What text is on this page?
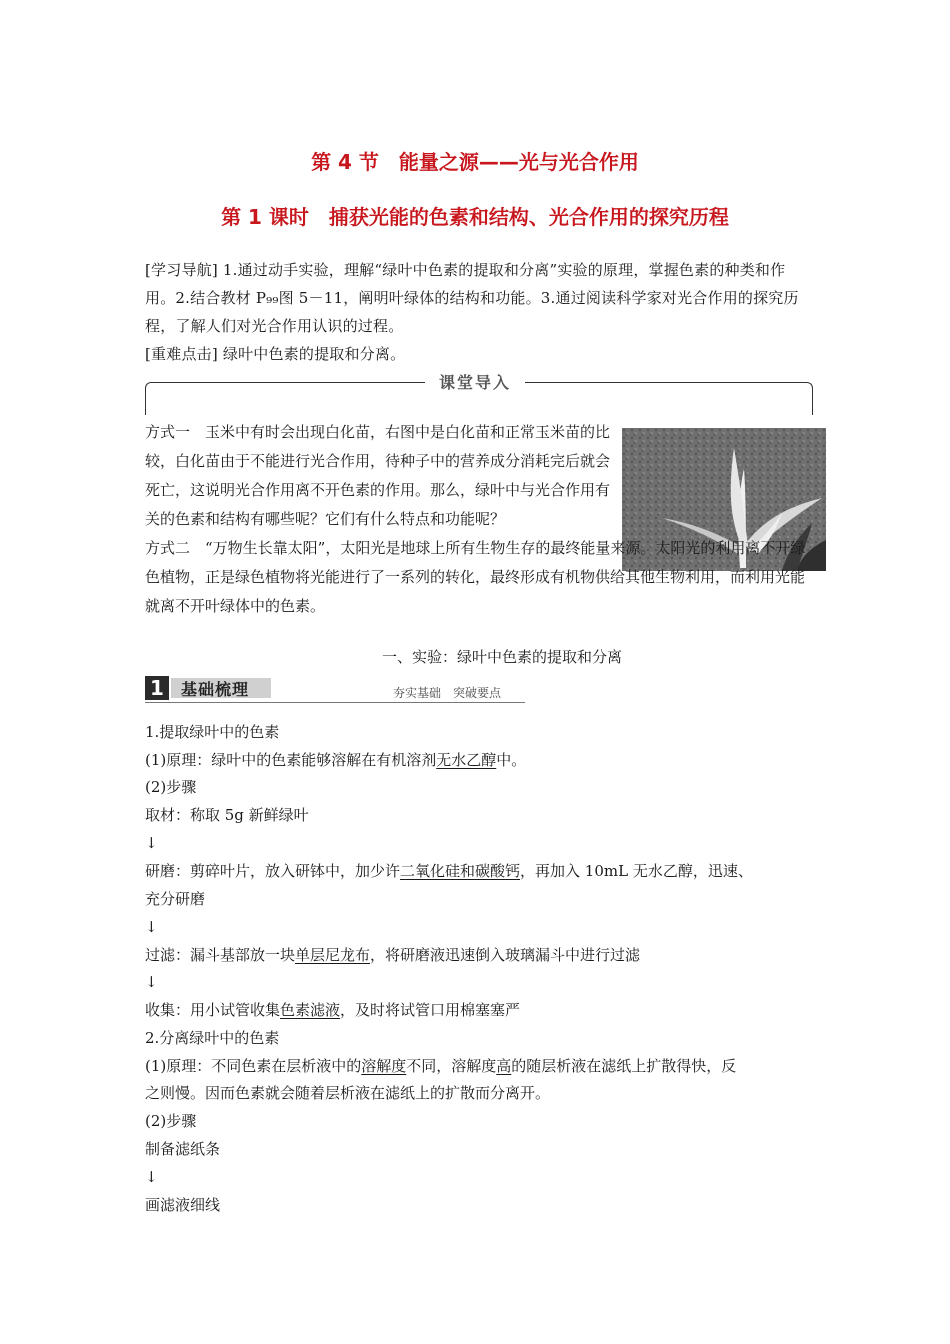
第 4 节　能量之源——光与光合作用
第 1 课时　捕获光能的色素和结构、光合作用的探究历程

[学习导航] 1.通过动手实验，理解“绿叶中色素的提取和分离”实验的原理，掌握色素的种类和作用。2.结合教材 P₉₉图 5－11，阐明叶绿体的结构和功能。3.通过阅读科学家对光合作用的探究历程，了解人们对光合作用认识的过程。

[重难点击] 绿叶中色素的提取和分离。

课堂导入

方式一　玉米中有时会出现白化苗，右图中是白化苗和正常玉米苗的比较，白化苗由于不能进行光合作用，待种子中的营养成分消耗完后就会死亡，这说明光合作用离不开色素的作用。那么，绿叶中与光合作用有关的色素和结构有哪些呢？它们有什么特点和功能呢？

方式二　“万物生长靠太阳”，太阳光是地球上所有生物生存的最终能量来源。太阳光的利用离不开绿色植物，正是绿色植物将光能进行了一系列的转化，最终形成有机物供给其他生物利用，而利用光能就离不开叶绿体中的色素。

一、实验：绿叶中色素的提取和分离

1	基础梳理	夯实基础　突破要点

1.提取绿叶中的色素

(1)原理：绿叶中的色素能够溶解在有机溶剂无水乙醇中。

(2)步骤

取材：称取 5g 新鲜绿叶

↓

研磨：剪碎叶片，放入研钵中，加少许二氧化硅和碳酸钙，再加入 10mL 无水乙醇，迅速、

充分研磨

↓

过滤：漏斗基部放一块单层尼龙布，将研磨液迅速倒入玻璃漏斗中进行过滤

↓

收集：用小试管收集色素滤液，及时将试管口用棉塞塞严

2.分离绿叶中的色素

(1)原理：不同色素在层析液中的溶解度不同，溶解度高的随层析液在滤纸上扩散得快，反

之则慢。因而色素就会随着层析液在滤纸上的扩散而分离开。

(2)步骤

制备滤纸条

↓

画滤液细线
